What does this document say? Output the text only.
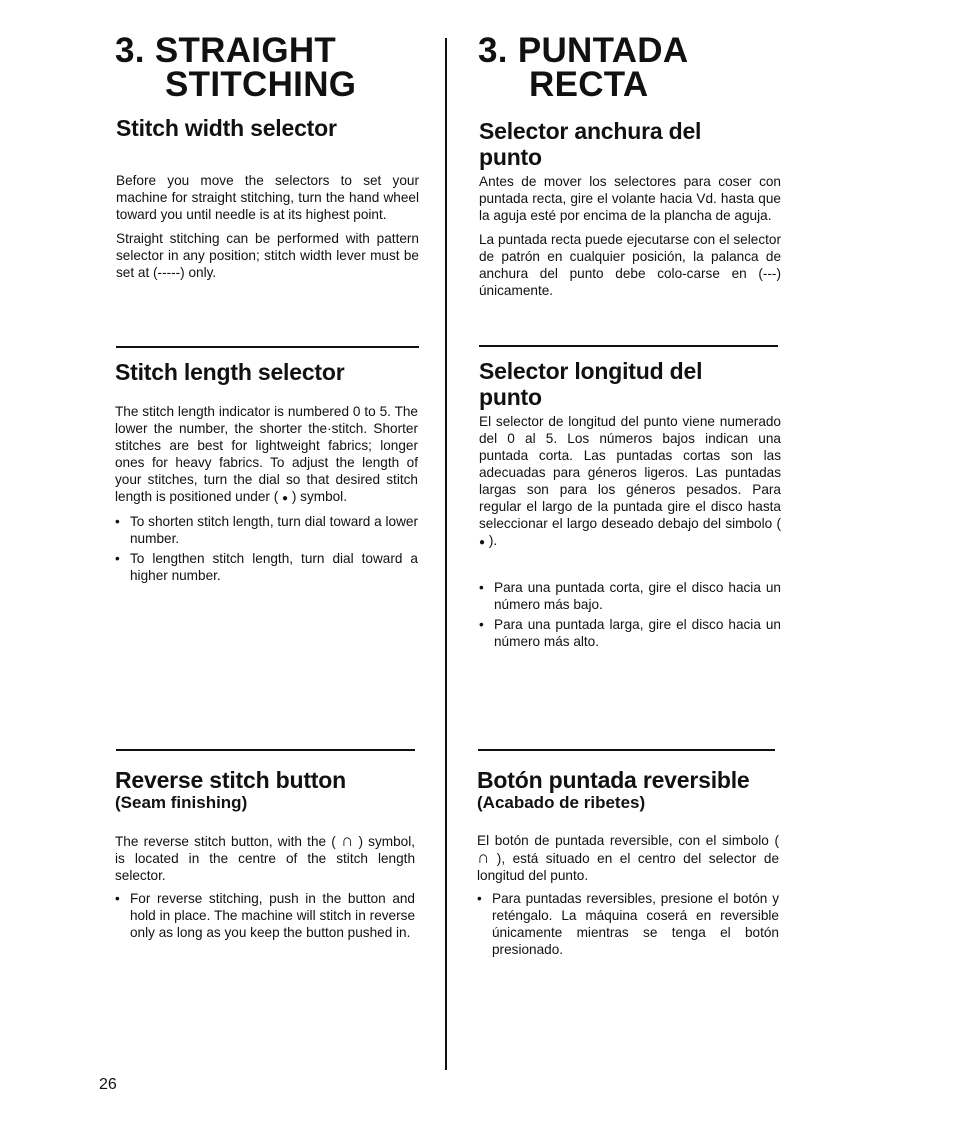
3. STRAIGHT
STITCHING
Stitch width selector

Before you move the selectors to set your machine for straight stitching, turn the hand wheel toward you until needle is at its highest point.

Straight stitching can be performed with pattern selector in any position; stitch width lever must be set at (-----) only.

Stitch length selector

The stitch length indicator is numbered 0 to 5. The lower the number, the shorter the·stitch. Shorter stitches are best for lightweight fabrics; longer ones for heavy fabrics. To adjust the length of your stitches, turn the dial so that desired stitch length is positioned under ( ● ) symbol.

• To shorten stitch length, turn dial toward a lower number.
• To lengthen stitch length, turn dial toward a higher number.
Reverse stitch button
(Seam finishing)

The reverse stitch button, with the ( ∩ ) symbol, is located in the centre of the stitch length selector.

• For reverse stitching, push in the button and hold in place. The machine will stitch in reverse only as long as you keep the button pushed in.
26
3. PUNTADA
RECTA
Selector anchura del
punto

Antes de mover los selectores para coser con puntada recta, gire el volante hacia Vd. hasta que la aguja esté por encima de la plancha de aguja.

La puntada recta puede ejecutarse con el selector de patrón en cualquier posición, la palanca de anchura del punto debe colo-carse en (---) únicamente.

Selector longitud del
punto

El selector de longitud del punto viene numerado del 0 al 5. Los números bajos indican una puntada corta. Las puntadas cortas son las adecuadas para géneros ligeros. Las puntadas largas son para los géneros pesados. Para regular el largo de la puntada gire el disco hasta seleccionar el largo deseado debajo del simbolo ( ● ).

• Para una puntada corta, gire el disco hacia un número más bajo.
• Para una puntada larga, gire el disco hacia un número más alto.
Botón puntada reversible
(Acabado de ribetes)

El botón de puntada reversible, con el simbolo ( ∩ ), está situado en el centro del selector de longitud del punto.

• Para puntadas reversibles, presione el botón y reténgalo. La máquina coserá en reversible únicamente mientras se tenga el botón presionado.
